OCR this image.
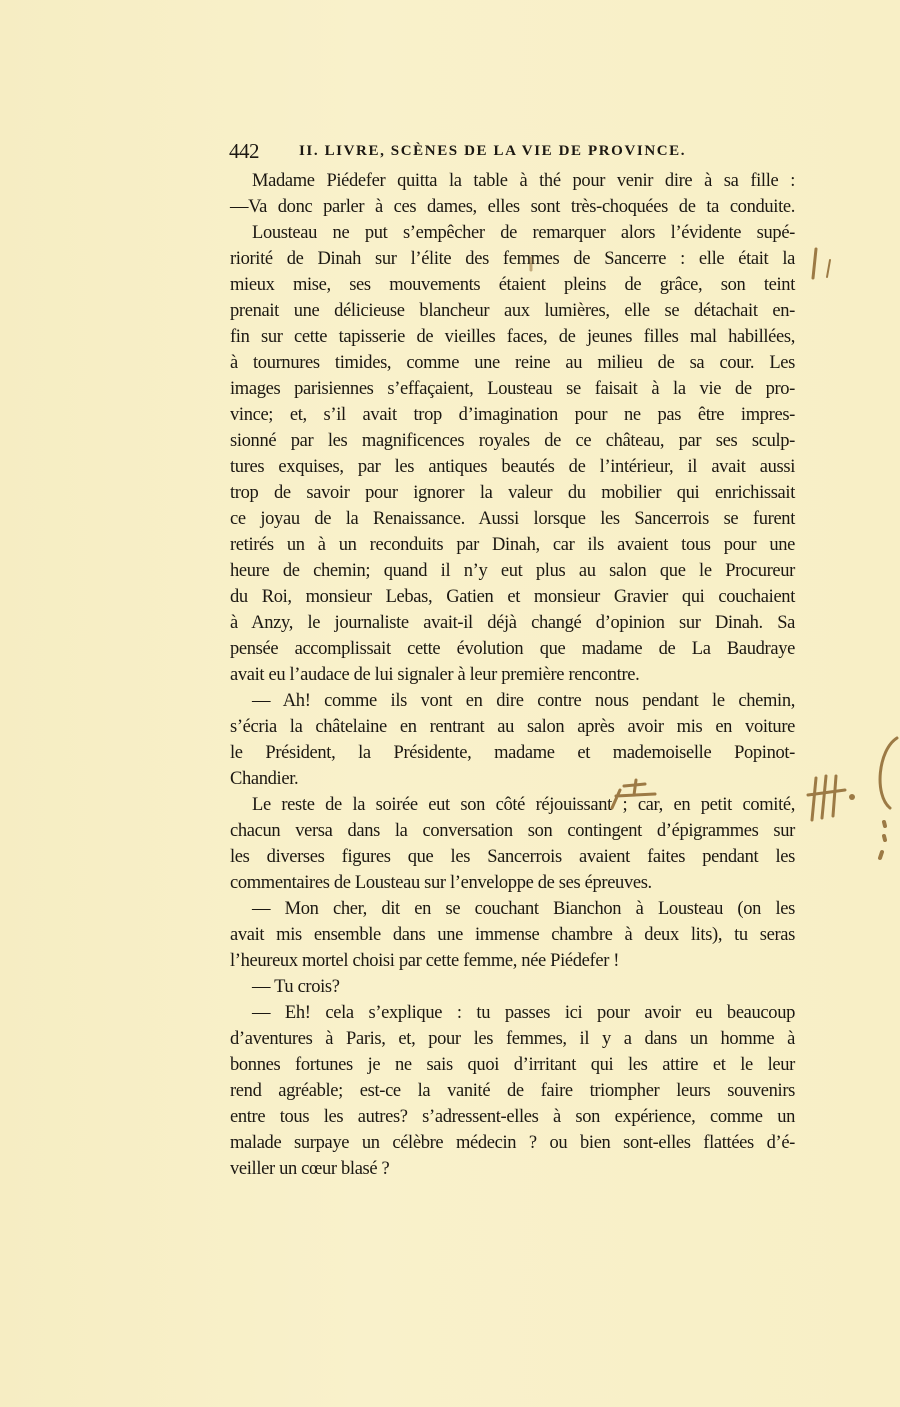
442	II. LIVRE, SCÈNES DE LA VIE DE PROVINCE.
Madame Piédefer quitta la table à thé pour venir dire à sa fille :
—Va donc parler à ces dames, elles sont très-choquées de ta conduite.
Lousteau ne put s’empêcher de remarquer alors l’évidente supé-
riorité de Dinah sur l’élite des femmes de Sancerre : elle était la
mieux mise, ses mouvements étaient pleins de grâce, son teint
prenait une délicieuse blancheur aux lumières, elle se détachait en-
fin sur cette tapisserie de vieilles faces, de jeunes filles mal habillées,
à tournures timides, comme une reine au milieu de sa cour. Les
images parisiennes s’effaçaient, Lousteau se faisait à la vie de pro-
vince; et, s’il avait trop d’imagination pour ne pas être impres-
sionné par les magnificences royales de ce château, par ses sculp-
tures exquises, par les antiques beautés de l’intérieur, il avait aussi
trop de savoir pour ignorer la valeur du mobilier qui enrichissait
ce joyau de la Renaissance. Aussi lorsque les Sancerrois se furent
retirés un à un reconduits par Dinah, car ils avaient tous pour une
heure de chemin; quand il n’y eut plus au salon que le Procureur
du Roi, monsieur Lebas, Gatien et monsieur Gravier qui couchaient
à Anzy, le journaliste avait-il déjà changé d’opinion sur Dinah. Sa
pensée accomplissait cette évolution que madame de La Baudraye
avait eu l’audace de lui signaler à leur première rencontre.
— Ah! comme ils vont en dire contre nous pendant le chemin,
s’écria la châtelaine en rentrant au salon après avoir mis en voiture
le Président, la Présidente, madame et mademoiselle Popinot-
Chandier.
Le reste de la soirée eut son côté réjouissant ; car, en petit comité,
chacun versa dans la conversation son contingent d’épigrammes sur
les diverses figures que les Sancerrois avaient faites pendant les
commentaires de Lousteau sur l’enveloppe de ses épreuves.
— Mon cher, dit en se couchant Bianchon à Lousteau (on les
avait mis ensemble dans une immense chambre à deux lits), tu seras
l’heureux mortel choisi par cette femme, née Piédefer !
— Tu crois?
— Eh! cela s’explique : tu passes ici pour avoir eu beaucoup
d’aventures à Paris, et, pour les femmes, il y a dans un homme à
bonnes fortunes je ne sais quoi d’irritant qui les attire et le leur
rend agréable; est-ce la vanité de faire triompher leurs souvenirs
entre tous les autres? s’adressent-elles à son expérience, comme un
malade surpaye un célèbre médecin ? ou bien sont-elles flattées d’é-
veiller un cœur blasé ?
